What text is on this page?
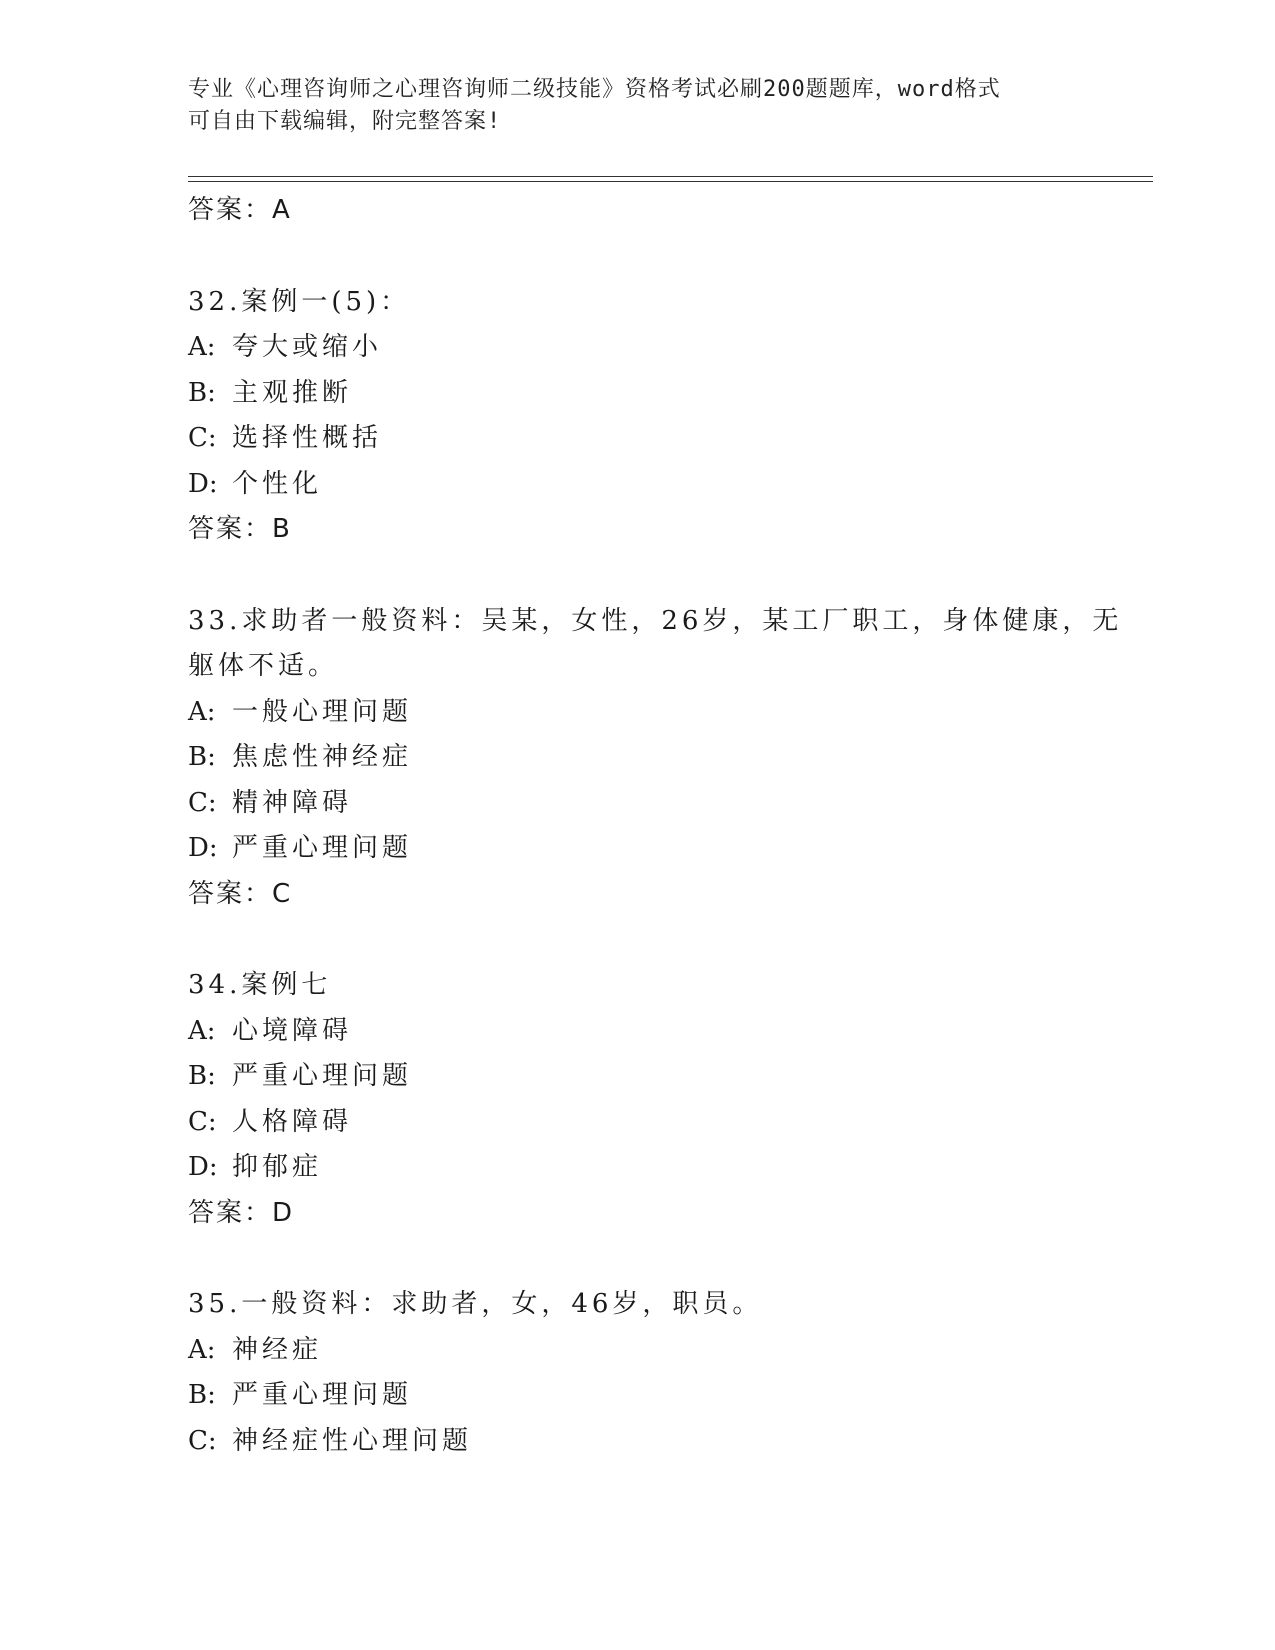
专业《心理咨询师之心理咨询师二级技能》资格考试必刷200题题库，word格式
可自由下载编辑，附完整答案!
答案：A
32.案例一(5)：
A: 夸大或缩小
B: 主观推断
C: 选择性概括
D: 个性化
答案：B
33.求助者一般资料：吴某，女性，26岁，某工厂职工，身体健康，无
躯体不适。
A: 一般心理问题
B: 焦虑性神经症
C: 精神障碍
D: 严重心理问题
答案：C
34.案例七
A: 心境障碍
B: 严重心理问题
C: 人格障碍
D: 抑郁症
答案：D
35.一般资料：求助者，女，46岁，职员。
A: 神经症
B: 严重心理问题
C: 神经症性心理问题
